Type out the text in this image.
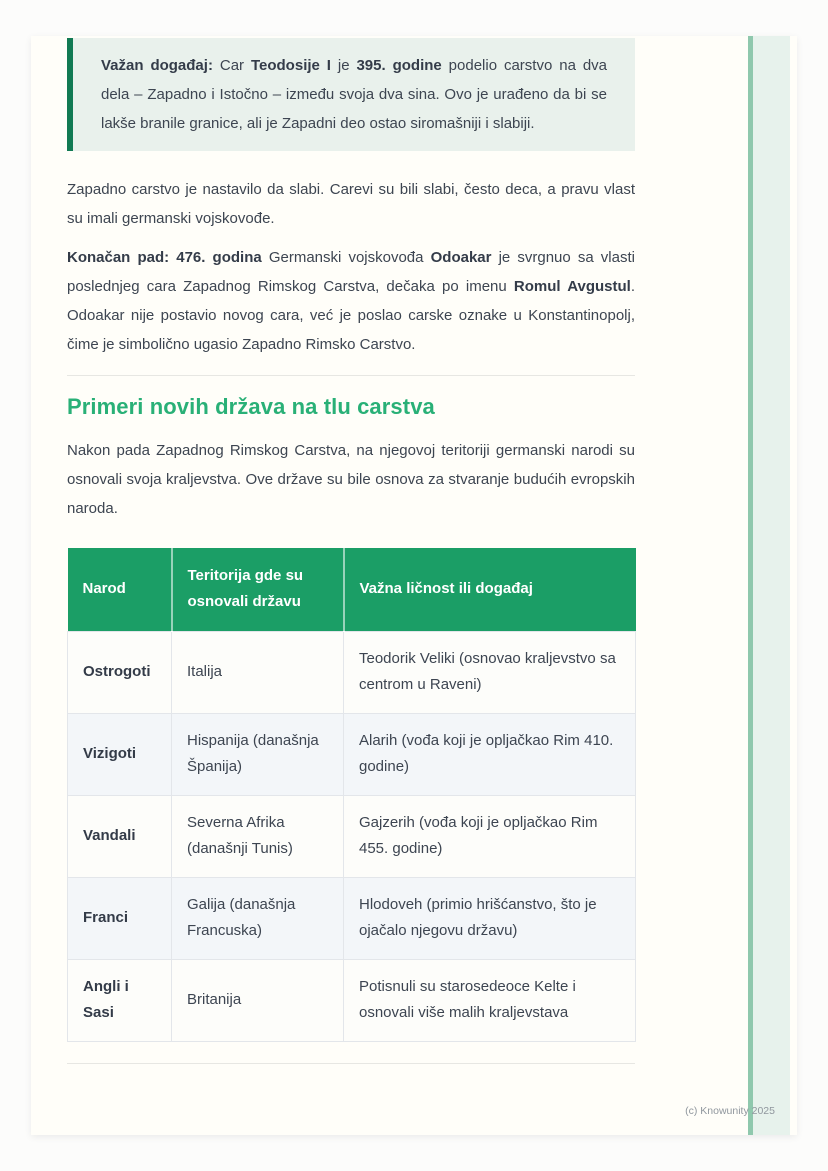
Važan događaj: Car Teodosije I je 395. godine podelio carstvo na dva dela – Zapadno i Istočno – između svoja dva sina. Ovo je urađeno da bi se lakše branile granice, ali je Zapadni deo ostao siromašniji i slabiji.

Zapadno carstvo je nastavilo da slabi. Carevi su bili slabi, često deca, a pravu vlast su imali germanski vojskovođe.

Konačan pad: 476. godina Germanski vojskovođa Odoakar je svrgnuo sa vlasti poslednjeg cara Zapadnog Rimskog Carstva, dečaka po imenu Romul Avgustul. Odoakar nije postavio novog cara, već je poslao carske oznake u Konstantinopolj, čime je simbolično ugasio Zapadno Rimsko Carstvo.

Primeri novih država na tlu carstva

Nakon pada Zapadnog Rimskog Carstva, na njegovoj teritoriji germanski narodi su osnovali svoja kraljevstva. Ove države su bile osnova za stvaranje budućih evropskih naroda.

Narod	Teritorija gde su osnovali državu	Važna ličnost ili događaj
Ostrogoti	Italija	Teodorik Veliki (osnovao kraljevstvo sa centrom u Raveni)
Vizigoti	Hispanija (današnja Španija)	Alarih (vođa koji je opljačkao Rim 410. godine)
Vandali	Severna Afrika (današnji Tunis)	Gajzerih (vođa koji je opljačkao Rim 455. godine)
Franci	Galija (današnja Francuska)	Hlodoveh (primio hrišćanstvo, što je ojačalo njegovu državu)
Angli i Sasi	Britanija	Potisnuli su starosedeoce Kelte i osnovali više malih kraljevstava
(c) Knowunity 2025
